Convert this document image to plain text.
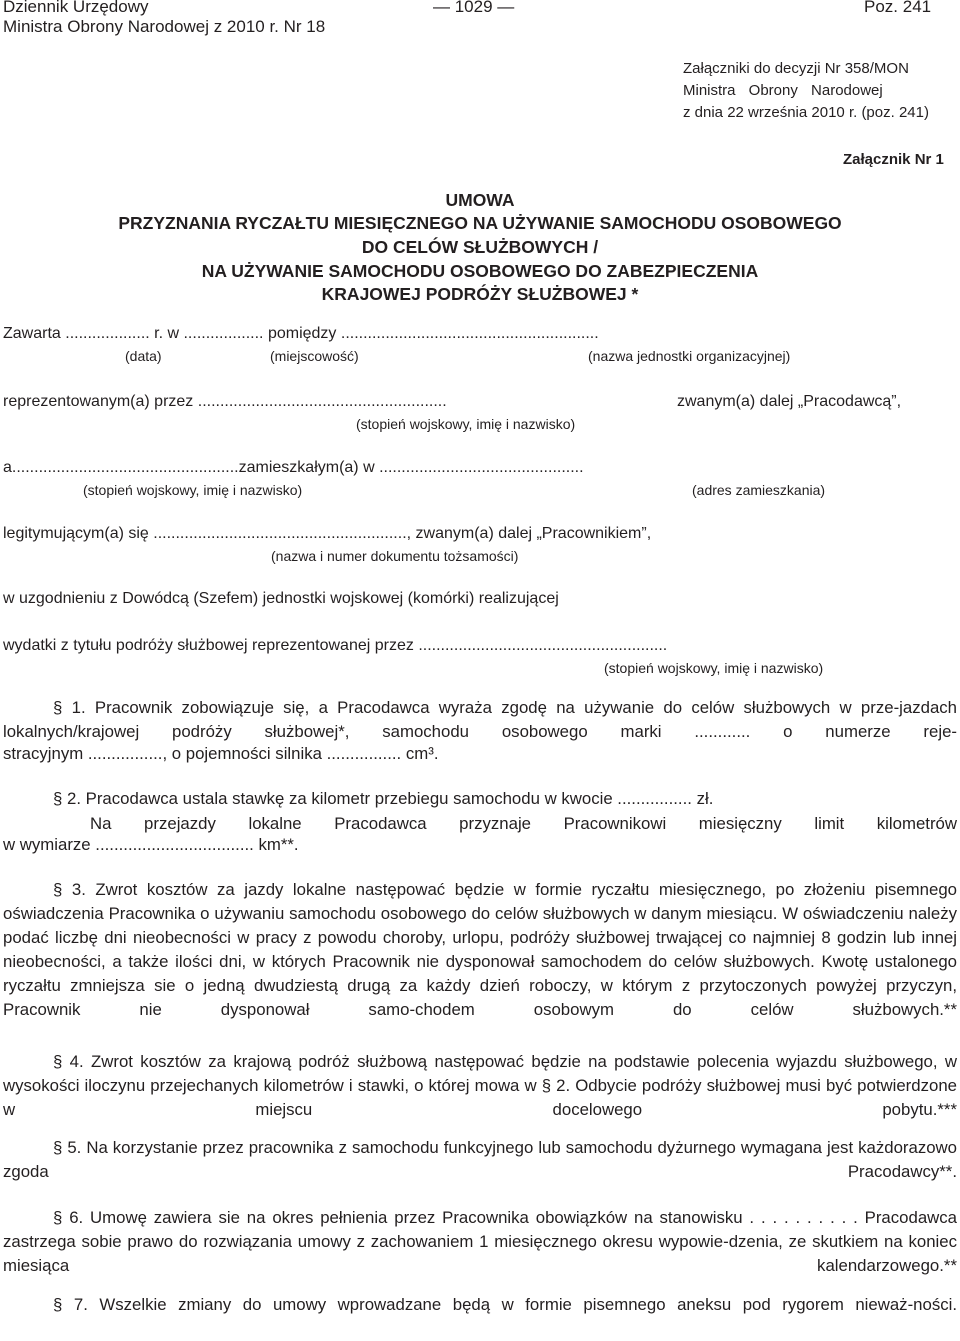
Dziennik Urzędowy
Ministra Obrony Narodowej z 2010 r. Nr 18
— 1029 —	Poz. 241
Załączniki do decyzji Nr 358/MON
Ministra Obrony Narodowej
z dnia 22 września 2010 r. (poz. 241)
Załącznik Nr 1
UMOWA
PRZYZNANIA RYCZAŁTU MIESIĘCZNEGO NA UŻYWANIE SAMOCHODU OSOBOWEGO
DO CELÓW SŁUŻBOWYCH /
NA UŻYWANIE SAMOCHODU OSOBOWEGO DO ZABEZPIECZENIA
KRAJOWEJ PODRÓŻY SŁUŻBOWEJ *
Zawarta ................... r. w .................. pomiędzy ..........................................................
(data)	(miejscowość)	(nazwa jednostki organizacyjnej)
reprezentowanym(a) przez ........................................................	zwanym(a) dalej „Pracodawcą”,
(stopień wojskowy, imię i nazwisko)
a...................................................zamieszkałym(a) w ..............................................
(stopień wojskowy, imię i nazwisko)	(adres zamieszkania)
legitymującym(a) się ........................................................., zwanym(a) dalej „Pracownikiem”,
(nazwa i numer dokumentu tożsamości)
w uzgodnieniu z Dowódcą (Szefem) jednostki wojskowej (komórki) realizującej
wydatki z tytułu podróży służbowej reprezentowanej przez ........................................................
(stopień wojskowy, imię i nazwisko)
§ 1. Pracownik zobowiązuje się, a Pracodawca wyraża zgodę na używanie do celów służbowych w prze-jazdach lokalnych/krajowej podróży służbowej*, samochodu osobowego marki ............ o numerze reje-
stracyjnym ................, o pojemności silnika ................ cm³.
§ 2. Pracodawca ustala stawkę za kilometr przebiegu samochodu w kwocie ................ zł.
Na przejazdy lokalne Pracodawca przyznaje Pracownikowi miesięczny limit kilometrów
w wymiarze .................................. km**.
§ 3. Zwrot kosztów za jazdy lokalne następować będzie w formie ryczałtu miesięcznego, po złożeniu pisemnego oświadczenia Pracownika o używaniu samochodu osobowego do celów służbowych w danym miesiącu. W oświadczeniu należy podać liczbę dni nieobecności w pracy z powodu choroby, urlopu, podróży służbowej trwającej co najmniej 8 godzin lub innej nieobecności, a także ilości dni, w których Pracownik nie dysponował samochodem do celów służbowych. Kwotę ustalonego ryczałtu zmniejsza sie o jedną dwudziestą drugą za każdy dzień roboczy, w którym z przytoczonych powyżej przyczyn, Pracownik nie dysponował samo-chodem osobowym do celów służbowych.**
§ 4. Zwrot kosztów za krajową podróż służbową następować będzie na podstawie polecenia wyjazdu służbowego, w wysokości iloczynu przejechanych kilometrów i stawki, o której mowa w § 2. Odbycie podróży służbowej musi być potwierdzone w miejscu docelowego pobytu.***
§ 5. Na korzystanie przez pracownika z samochodu funkcyjnego lub samochodu dyżurnego wymagana jest każdorazowo zgoda Pracodawcy**.
§ 6. Umowę zawiera sie na okres pełnienia przez Pracownika obowiązków na stanowisku . . . . . . . . . . Pracodawca zastrzega sobie prawo do rozwiązania umowy z zachowaniem 1 miesięcznego okresu wypowie-dzenia, ze skutkiem na koniec miesiąca kalendarzowego.**
§ 7. Wszelkie zmiany do umowy wprowadzane będą w formie pisemnego aneksu pod rygorem nieważ-ności.
